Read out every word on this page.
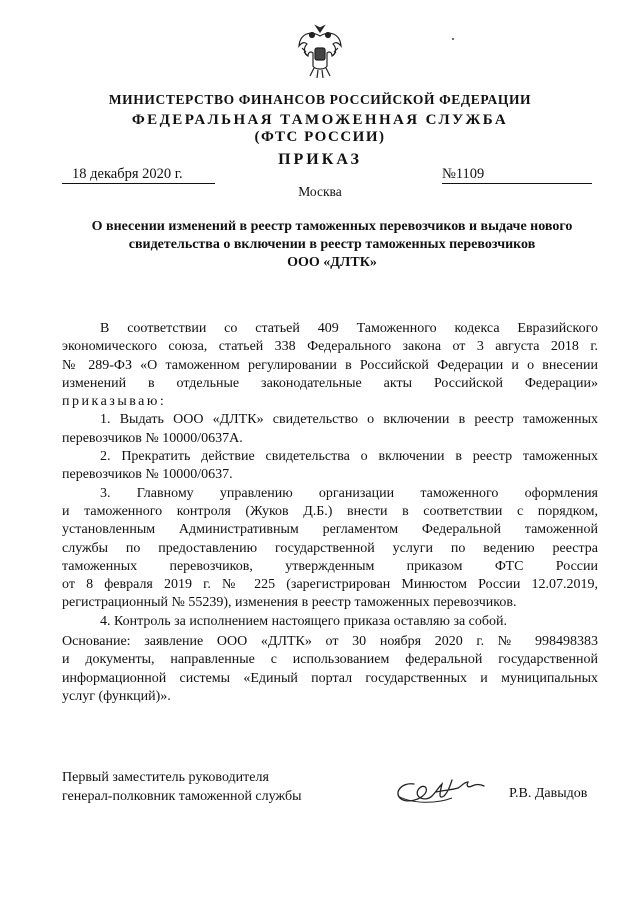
МИНИСТЕРСТВО ФИНАНСОВ РОССИЙСКОЙ ФЕДЕРАЦИИ
ФЕДЕРАЛЬНАЯ ТАМОЖЕННАЯ СЛУЖБА
(ФТС РОССИИ)
ПРИКАЗ
18 декабря 2020 г.	№1109
Москва
О внесении изменений в реестр таможенных перевозчиков и выдаче нового
свидетельства о включении в реестр таможенных перевозчиков
ООО «ДЛТК»
В соответствии со статьей 409 Таможенного кодекса Евразийского
экономического союза, статьей 338 Федерального закона от 3 августа 2018 г.
№ 289-ФЗ «О таможенном регулировании в Российской Федерации и о внесении
изменений в отдельные законодательные акты Российской Федерации»
приказываю:
1. Выдать ООО «ДЛТК» свидетельство о включении в реестр таможенных
перевозчиков № 10000/0637А.
2. Прекратить действие свидетельства о включении в реестр таможенных
перевозчиков № 10000/0637.
3. Главному управлению организации таможенного оформления
и таможенного контроля (Жуков Д.Б.) внести в соответствии с порядком,
установленным Административным регламентом Федеральной таможенной
службы по предоставлению государственной услуги по ведению реестра
таможенных перевозчиков, утвержденным приказом ФТС России
от 8 февраля 2019 г. № 225 (зарегистрирован Минюстом России 12.07.2019,
регистрационный № 55239), изменения в реестр таможенных перевозчиков.
4. Контроль за исполнением настоящего приказа оставляю за собой.
Основание: заявление ООО «ДЛТК» от 30 ноября 2020 г. № 998498383
и документы, направленные с использованием федеральной государственной
информационной системы «Единый портал государственных и муниципальных
услуг (функций)».
Первый заместитель руководителя
генерал-полковник таможенной службы	Р.В. Давыдов
